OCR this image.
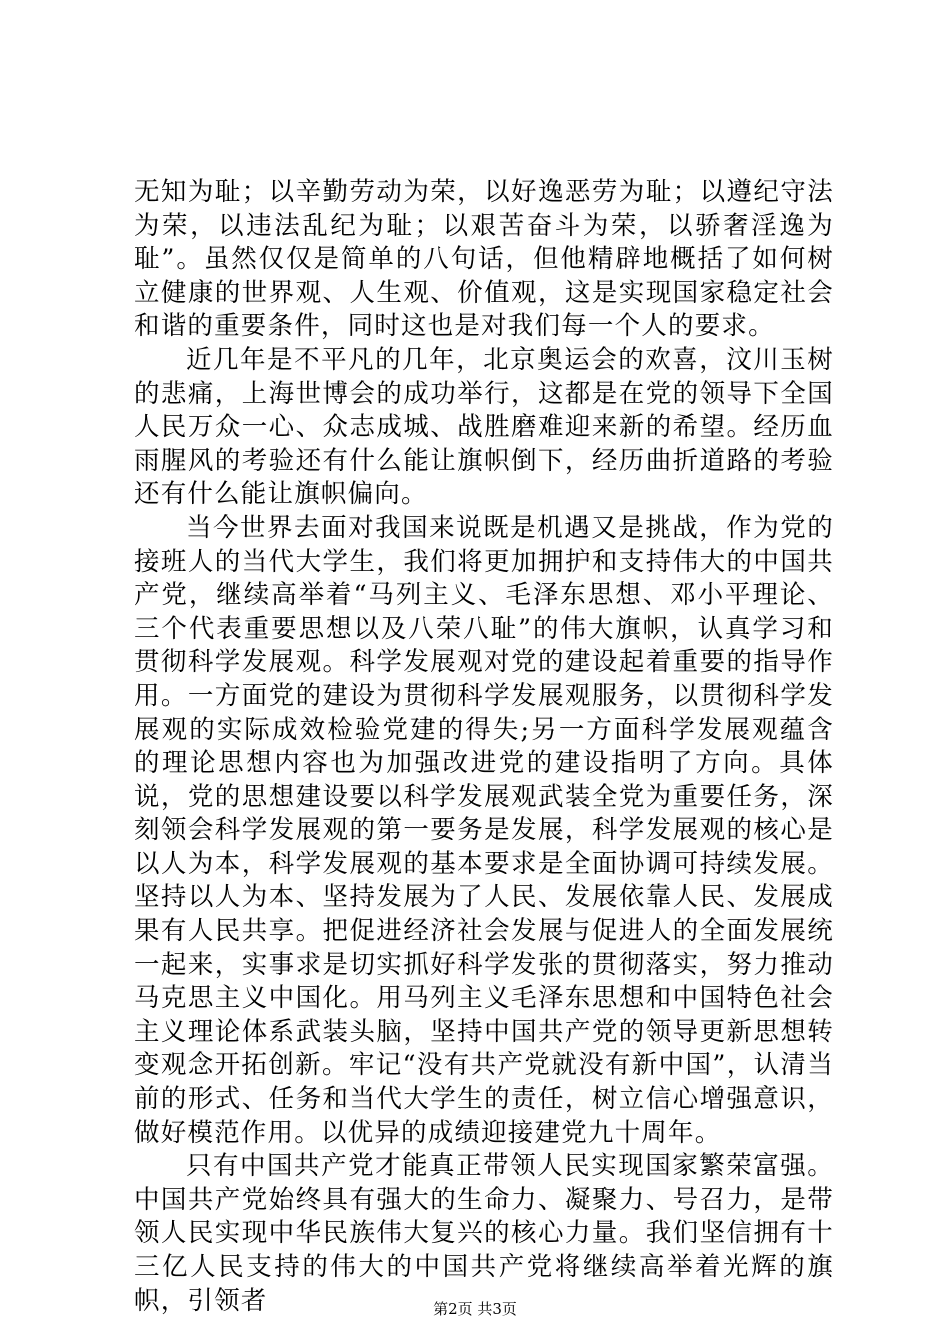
无知为耻；以辛勤劳动为荣，以好逸恶劳为耻；以遵纪守法为荣，以违法乱纪为耻；以艰苦奋斗为荣，以骄奢淫逸为耻”。虽然仅仅是简单的八句话，但他精辟地概括了如何树立健康的世界观、人生观、价值观，这是实现国家稳定社会和谐的重要条件，同时这也是对我们每一个人的要求。

近几年是不平凡的几年，北京奥运会的欢喜，汶川玉树的悲痛，上海世博会的成功举行，这都是在党的领导下全国人民万众一心、众志成城、战胜磨难迎来新的希望。经历血雨腥风的考验还有什么能让旗帜倒下，经历曲折道路的考验还有什么能让旗帜偏向。

当今世界去面对我国来说既是机遇又是挑战，作为党的接班人的当代大学生，我们将更加拥护和支持伟大的中国共产党，继续高举着“马列主义、毛泽东思想、邓小平理论、三个代表重要思想以及八荣八耻”的伟大旗帜，认真学习和贯彻科学发展观。科学发展观对党的建设起着重要的指导作用。一方面党的建设为贯彻科学发展观服务，以贯彻科学发展观的实际成效检验党建的得失;另一方面科学发展观蕴含的理论思想内容也为加强改进党的建设指明了方向。具体说，党的思想建设要以科学发展观武装全党为重要任务，深刻领会科学发展观的第一要务是发展，科学发展观的核心是以人为本，科学发展观的基本要求是全面协调可持续发展。坚持以人为本、坚持发展为了人民、发展依靠人民、发展成果有人民共享。把促进经济社会发展与促进人的全面发展统一起来，实事求是切实抓好科学发张的贯彻落实，努力推动马克思主义中国化。用马列主义毛泽东思想和中国特色社会主义理论体系武装头脑，坚持中国共产党的领导更新思想转变观念开拓创新。牢记“没有共产党就没有新中国”，认清当前的形式、任务和当代大学生的责任，树立信心增强意识，做好模范作用。以优异的成绩迎接建党九十周年。

只有中国共产党才能真正带领人民实现国家繁荣富强。中国共产党始终具有强大的生命力、凝聚力、号召力，是带领人民实现中华民族伟大复兴的核心力量。我们坚信拥有十三亿人民支持的伟大的中国共产党将继续高举着光辉的旗帜，引领者	第2页 共3页
